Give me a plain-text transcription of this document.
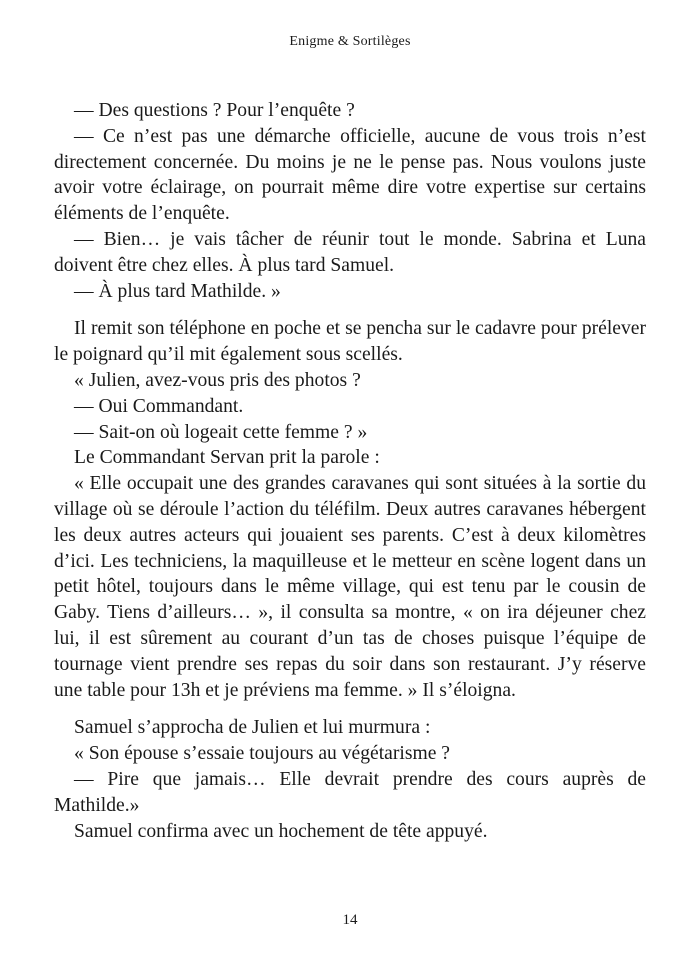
Enigme & Sortilèges

— Des questions ? Pour l’enquête ?

— Ce n’est pas une démarche officielle, aucune de vous trois n’est directement concernée. Du moins je ne le pense pas. Nous voulons juste avoir votre éclairage, on pourrait même dire votre expertise sur certains éléments de l’enquête.

— Bien… je vais tâcher de réunir tout le monde. Sabrina et Luna doivent être chez elles. À plus tard Samuel.

— À plus tard Mathilde. »

Il remit son téléphone en poche et se pencha sur le cadavre pour prélever le poignard qu’il mit également sous scellés.

« Julien, avez-vous pris des photos ?

— Oui Commandant.

— Sait-on où logeait cette femme ? »

Le Commandant Servan prit la parole :

« Elle occupait une des grandes caravanes qui sont situées à la sortie du village où se déroule l’action du téléfilm. Deux autres caravanes hébergent les deux autres acteurs qui jouaient ses parents. C’est à deux kilomètres d’ici. Les techniciens, la maquilleuse et le metteur en scène logent dans un petit hôtel, toujours dans le même village, qui est tenu par le cousin de Gaby. Tiens d’ailleurs… », il consulta sa montre, « on ira déjeuner chez lui, il est sûrement au courant d’un tas de choses puisque l’équipe de tournage vient prendre ses repas du soir dans son restaurant. J’y réserve une table pour 13h et je préviens ma femme. » Il s’éloigna.

Samuel s’approcha de Julien et lui murmura :

« Son épouse s’essaie toujours au végétarisme ?

— Pire que jamais… Elle devrait prendre des cours auprès de Mathilde.»

Samuel confirma avec un hochement de tête appuyé.

14
